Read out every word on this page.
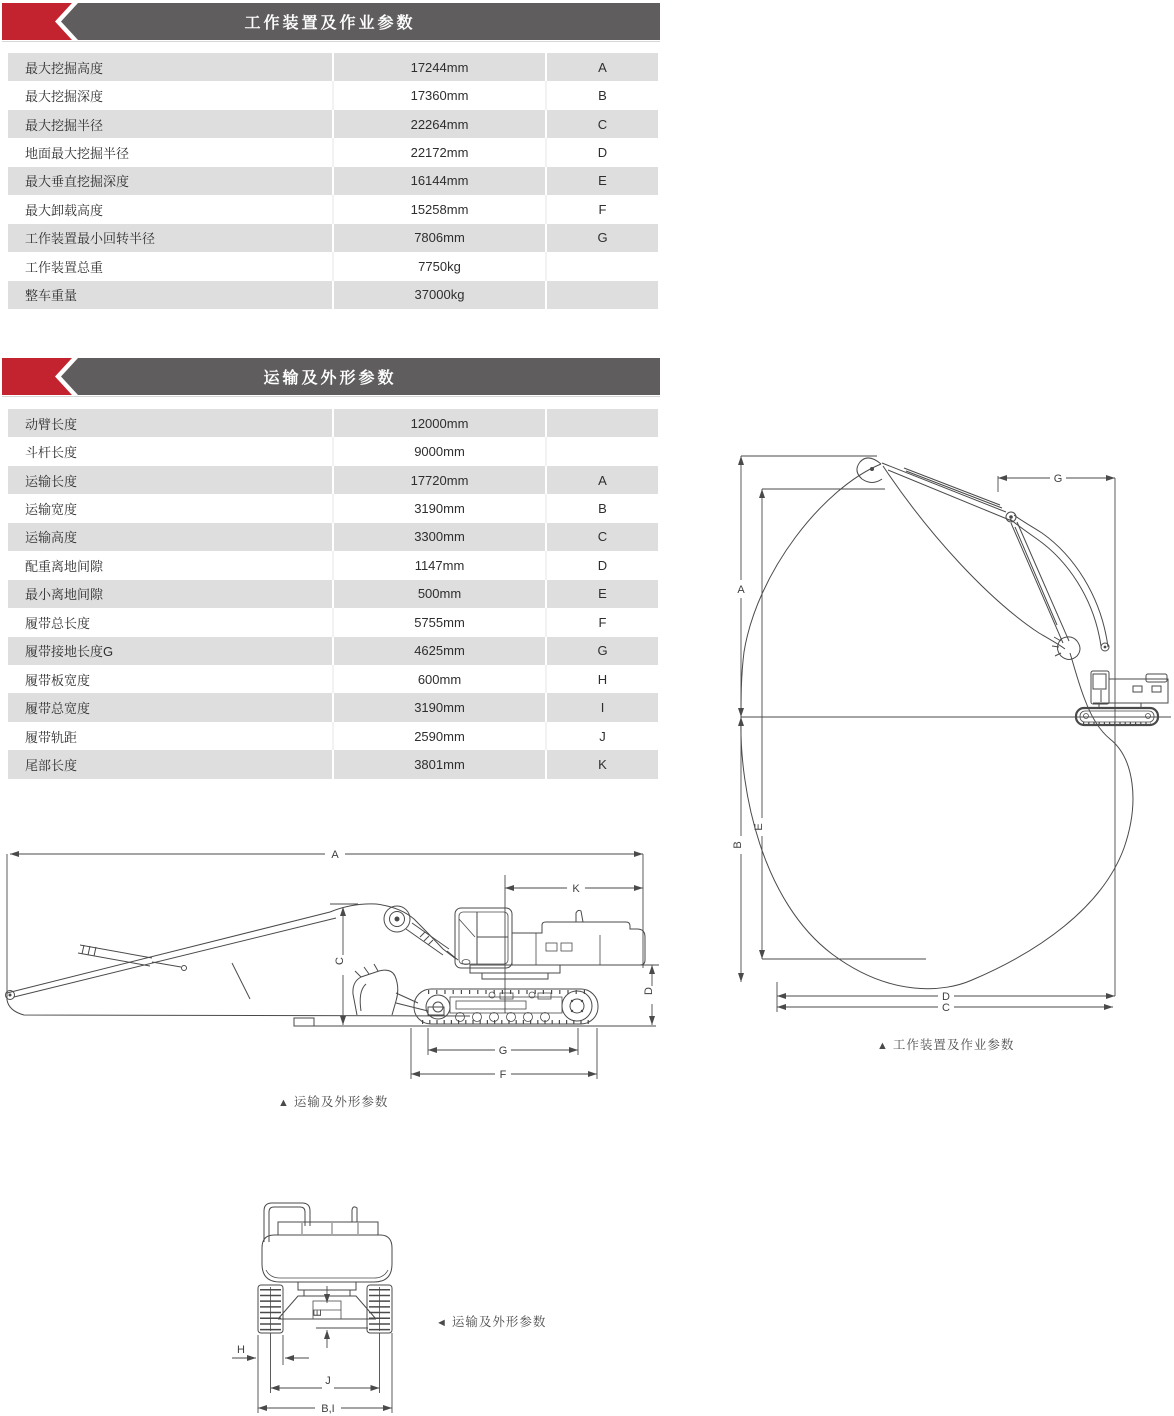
工作装置及作业参数
最大挖掘高度	17244mm	A
最大挖掘深度	17360mm	B
最大挖掘半径	22264mm	C
地面最大挖掘半径	22172mm	D
最大垂直挖掘深度	16144mm	E
最大卸载高度	15258mm	F
工作装置最小回转半径	7806mm	G
工作装置总重	7750kg
整车重量	37000kg
运输及外形参数
动臂长度	12000mm
斗杆长度	9000mm
运输长度	17720mm	A
运输宽度	3190mm	B
运输高度	3300mm	C
配重离地间隙	1147mm	D
最小离地间隙	500mm	E
履带总长度	5755mm	F
履带接地长度G	4625mm	G
履带板宽度	600mm	H
履带总宽度	3190mm	I
履带轨距	2590mm	J
尾部长度	3801mm	K
A
B
E
G
D
C
▲ 工作装置及作业参数
A
K
C
D
G
F
▲ 运输及外形参数
E
H
J
B,I
◄ 运输及外形参数
